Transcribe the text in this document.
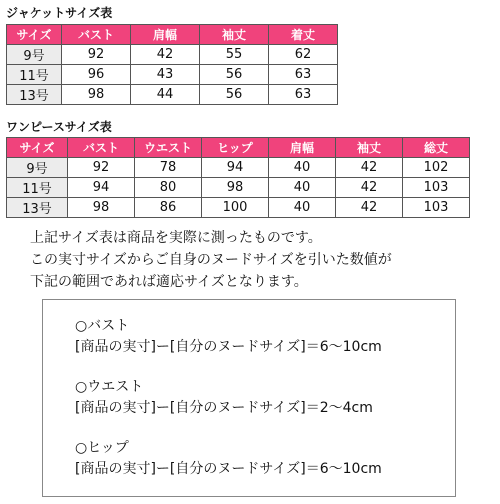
ジャケットサイズ表
サイズ	バスト	肩幅	袖丈	着丈
9号	92	42	55	62
11号	96	43	56	63
13号	98	44	56	63
ワンピースサイズ表
サイズ	バスト	ウエスト	ヒップ	肩幅	袖丈	総丈
9号	92	78	94	40	42	102
11号	94	80	98	40	42	103
13号	98	86	100	40	42	103
上記サイズ表は商品を実際に測ったものです。
この実寸サイズからご自身のヌードサイズを引いた数値が
下記の範囲であれば適応サイズとなります。
○バスト
[商品の実寸]ー[自分のヌードサイズ]＝6～10cm
○ウエスト
[商品の実寸]ー[自分のヌードサイズ]＝2～4cm
○ヒップ
[商品の実寸]ー[自分のヌードサイズ]＝6～10cm
